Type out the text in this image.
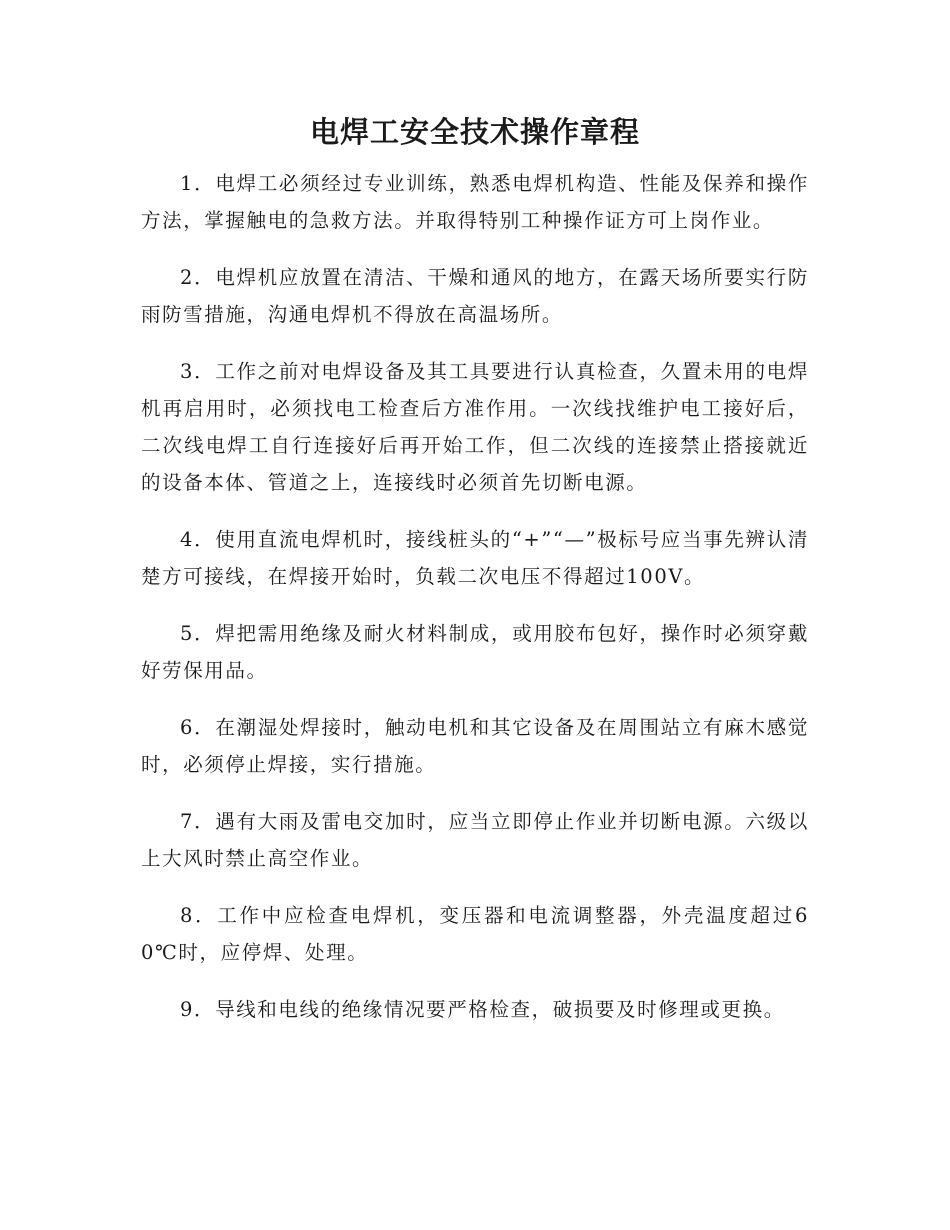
电焊工安全技术操作章程

1．电焊工必须经过专业训练，熟悉电焊机构造、性能及保养和操作方法，掌握触电的急救方法。并取得特别工种操作证方可上岗作业。

2．电焊机应放置在清洁、干燥和通风的地方，在露天场所要实行防雨防雪措施，沟通电焊机不得放在高温场所。

3．工作之前对电焊设备及其工具要进行认真检查，久置未用的电焊机再启用时，必须找电工检查后方准作用。一次线找维护电工接好后，二次线电焊工自行连接好后再开始工作，但二次线的连接禁止搭接就近的设备本体、管道之上，连接线时必须首先切断电源。

4．使用直流电焊机时，接线桩头的“+”“—”极标号应当事先辨认清楚方可接线，在焊接开始时，负载二次电压不得超过100V。

5．焊把需用绝缘及耐火材料制成，或用胶布包好，操作时必须穿戴好劳保用品。

6．在潮湿处焊接时，触动电机和其它设备及在周围站立有麻木感觉时，必须停止焊接，实行措施。

7．遇有大雨及雷电交加时，应当立即停止作业并切断电源。六级以上大风时禁止高空作业。

8．工作中应检查电焊机，变压器和电流调整器，外壳温度超过60℃时，应停焊、处理。

9．导线和电线的绝缘情况要严格检查，破损要及时修理或更换。
